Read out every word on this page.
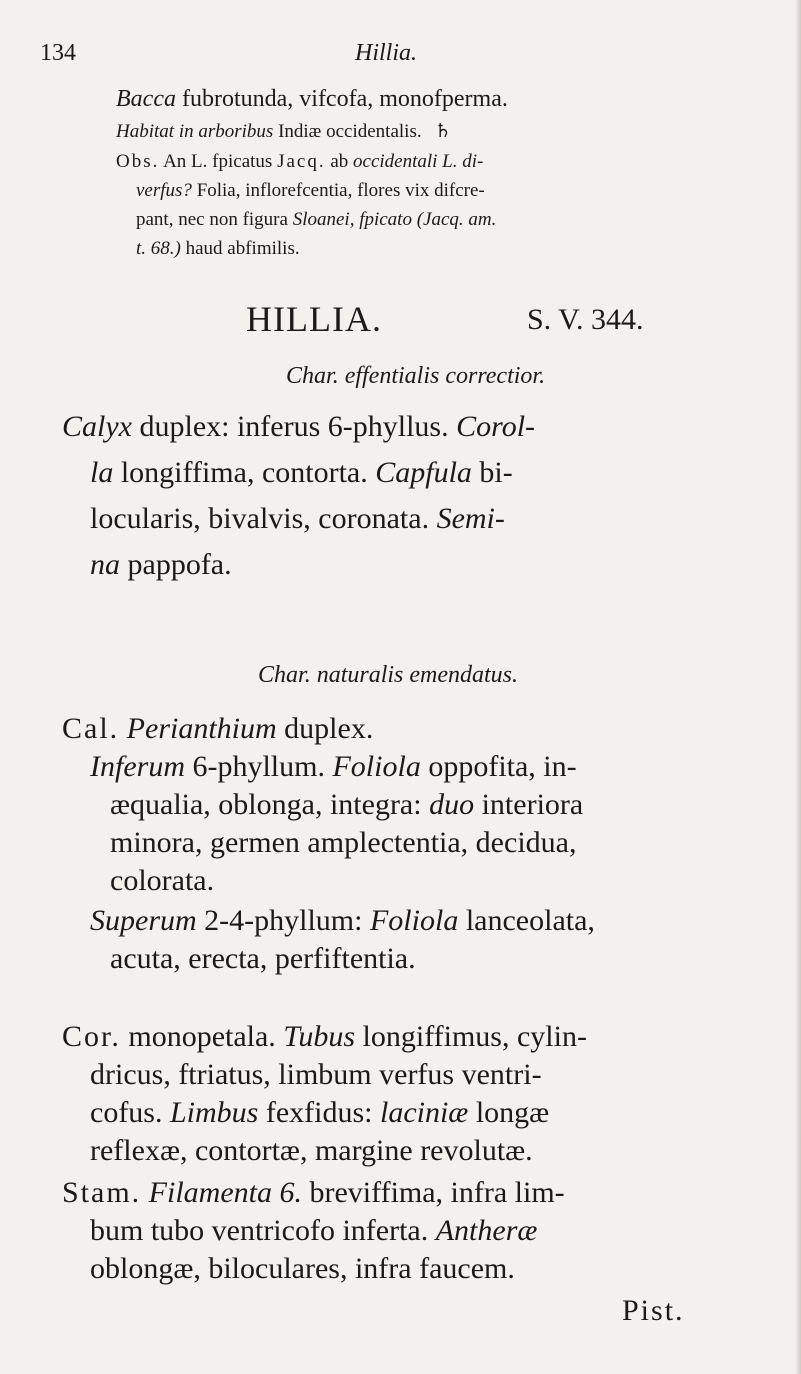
134	Hillia.
Bacca fubrotunda, vifcofa, monofperma.
Habitat in arboribus Indiæ occidentalis. ♄
Obs. An L. fpicatus Jacq. ab occidentali L. di-
verfus? Folia, inflorefcentia, flores vix difcre-
pant, nec non figura Sloanei, fpicato (Jacq. am.
t. 68.) haud abfimilis.
HILLIA.	S. V. 344.
Char. effentialis correctior.
Calyx duplex: inferus 6-phyllus. Corol-
la longiffima, contorta. Capfula bi-
locularis, bivalvis, coronata. Semi-
na pappofa.
Char. naturalis emendatus.
Cal. Perianthium duplex.
Inferum 6-phyllum. Foliola oppofita, in-
æqualia, oblonga, integra: duo interiora
minora, germen amplectentia, decidua,
colorata.
Superum 2-4-phyllum: Foliola lanceolata,
acuta, erecta, perfiftentia.
Cor. monopetala. Tubus longiffimus, cylin-
dricus, ftriatus, limbum verfus ventri-
cofus. Limbus fexfidus: laciniæ longæ
reflexæ, contortæ, margine revolutæ.
Stam. Filamenta 6. breviffima, infra lim-
bum tubo ventricofo inferta. Antheræ
oblongæ, biloculares, infra faucem.
Pist.
